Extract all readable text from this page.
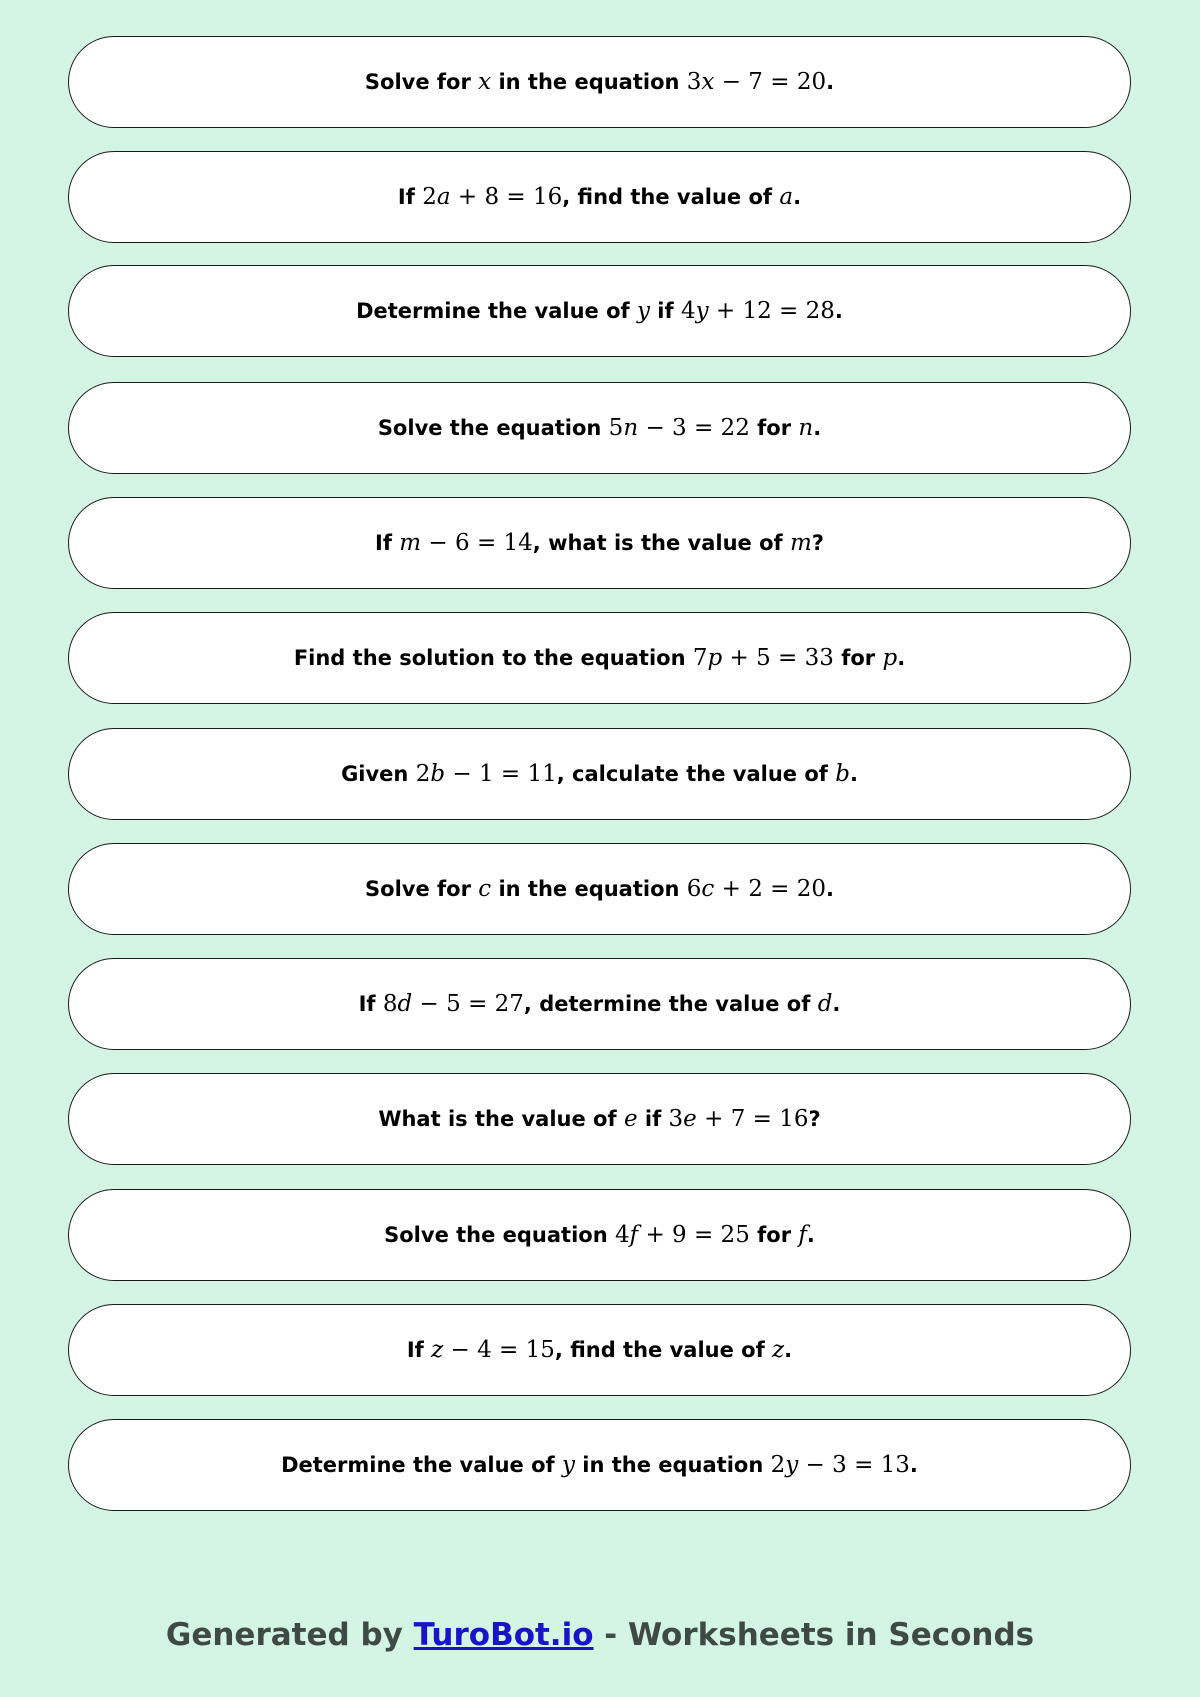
Solve for x in the equation 3x − 7 = 20.
If 2a + 8 = 16, find the value of a.
Determine the value of y if 4y + 12 = 28.
Solve the equation 5n − 3 = 22 for n.
If m − 6 = 14, what is the value of m?
Find the solution to the equation 7p + 5 = 33 for p.
Given 2b − 1 = 11, calculate the value of b.
Solve for c in the equation 6c + 2 = 20.
If 8d − 5 = 27, determine the value of d.
What is the value of e if 3e + 7 = 16?
Solve the equation 4f + 9 = 25 for f.
If z − 4 = 15, find the value of z.
Determine the value of y in the equation 2y − 3 = 13.
Generated by TuroBot.io - Worksheets in Seconds
